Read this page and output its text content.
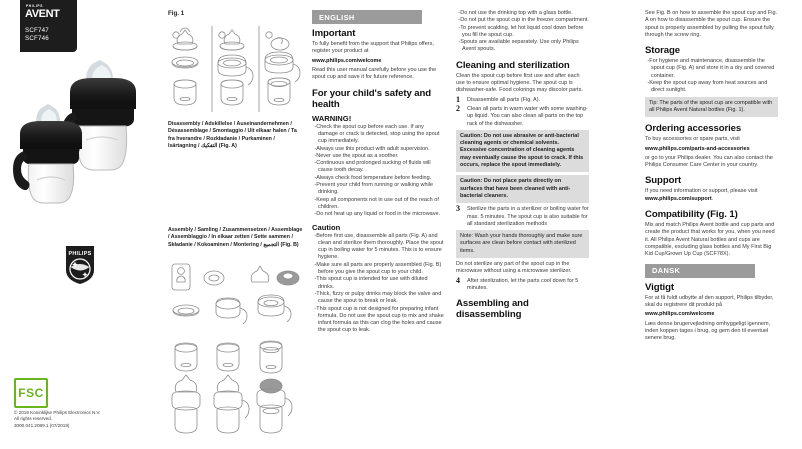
PHILIPS
AVENT
SCF747
SCF746
PHILIPS
FSC
© 2019 Koninklijke Philips Electronics N.V.
All rights reserved.
3000.041.2089.1 (07/2019)
Fig. 1
Disassembly / Adskillelse / Auseinandernehmen / Désassemblage / Smontaggio / Uit elkaar halen / Ta fra hverandre / Rozkładanie / Purkaminen / Isärtagning / التفكيك (Fig. A)
Assembly / Samling / Zusammensetzen / Assemblage / Assemblaggio / In elkaar zetten / Sette sammen / Składanie / Kokoaminen / Montering / التجميع (Fig. B)
ENGLISH
Important

To fully benefit from the support that Philips offers, register your product at

www.philips.com/welcome

Read this user manual carefully before you use the spout cup and save it for future reference.

For your child's safety and health
WARNING!
- Check the spout cup before each use. If any damage or crack is detected, stop using the spout cup immediately.
- Always use this product with adult supervision.
- Never use the spout as a soother.
- Continuous and prolonged sucking of fluids will cause tooth decay.
- Always check food temperature before feeding.
- Prevent your child from running or walking while drinking.
- Keep all components not in use out of the reach of children.
- Do not heat up any liquid or food in the microwave.
Caution
- Before first use, disassemble all parts (Fig. A) and clean and sterilize them thoroughly. Place the spout cup in boiling water for 5 minutes. This is to ensure hygiene.
- Make sure all parts are properly assembled (Fig. B) before you give the spout cup to your child.
- This spout cup is intended for use with diluted drinks.
- Thick, fizzy or pulpy drinks may block the valve and cause the spout to break or leak.
- This spout cup is not designed for preparing infant formula. Do not use the spout cup to mix and shake infant formula as this can clog the holes and cause the spout cup to leak.
- Do not use the drinking top with a glass bottle.
- Do not put the spout cup in the freezer compartment.
- To prevent scalding, let hot liquid cool down before you fill the spout cup.
- Spouts are available separately. Use only Philips Avent spouts.
Cleaning and sterilization

Clean the spout cup before first use and after each use to ensure optimal hygiene. The spout cup is dishwasher-safe. Food colorings may discolor parts.

1 Disassemble all parts (Fig. A).
2 Clean all parts in warm water with some washing-up liquid. You can also clean all parts on the top rack of the dishwasher.
Caution: Do not use abrasive or anti-bacterial cleaning agents or chemical solvents. Excessive concentration of cleaning agents may eventually cause the spout to crack. If this occurs, replace the spout immediately.
Caution: Do not place parts directly on surfaces that have been cleaned with anti-bacterial cleaners.
3 Sterilize the parts in a sterilizer or boiling water for max. 5 minutes. The spout cup is also suitable for all standard sterilization methods
Note: Wash your hands thoroughly and make sure surfaces are clean before contact with sterilized items.

Do not sterilize any part of the spout cup in the microwave without using a microwave sterilizer.

4 After sterilization, let the parts cool down for 5 minutes.
Assembling and disassembling

See Fig. B on how to assemble the spout cup and Fig. A on how to disassemble the spout cup. Ensure the spout is properly assembled by pulling the spout fully through the screw ring.

Storage
- For hygiene and maintenance, disassemble the spout cup (Fig. A) and store it in a dry and covered container.
- Keep the spout cup away from heat sources and direct sunlight.
Tip: The parts of the spout cup are compatible with all Philips Avent Natural bottles (Fig. 1).
Ordering accessories

To buy accessories or spare parts, visit

www.philips.com/parts-and-accessories

or go to your Philips dealer. You can also contact the Philips Consumer Care Center in your country.

Support

If you need information or support, please visit www.philips.com/support.

Compatibility (Fig. 1)

Mix and match Philips Avent bottle and cup parts and create the product that works for you, when you need it. All Philips Avent Natural bottles and cups are compatible, excluding glass bottles and My First Big Kid Cup/Grown Up Cup (SCF78X).

DANSK
Vigtigt

For at få fuldt udbytte af den support, Philips tilbyder, skal du registrere dit produkt på

www.philips.com/welcome

Læs denne brugervejledning omhyggeligt igennem, inden koppen tages i brug, og gem den til eventuel senere brug.
